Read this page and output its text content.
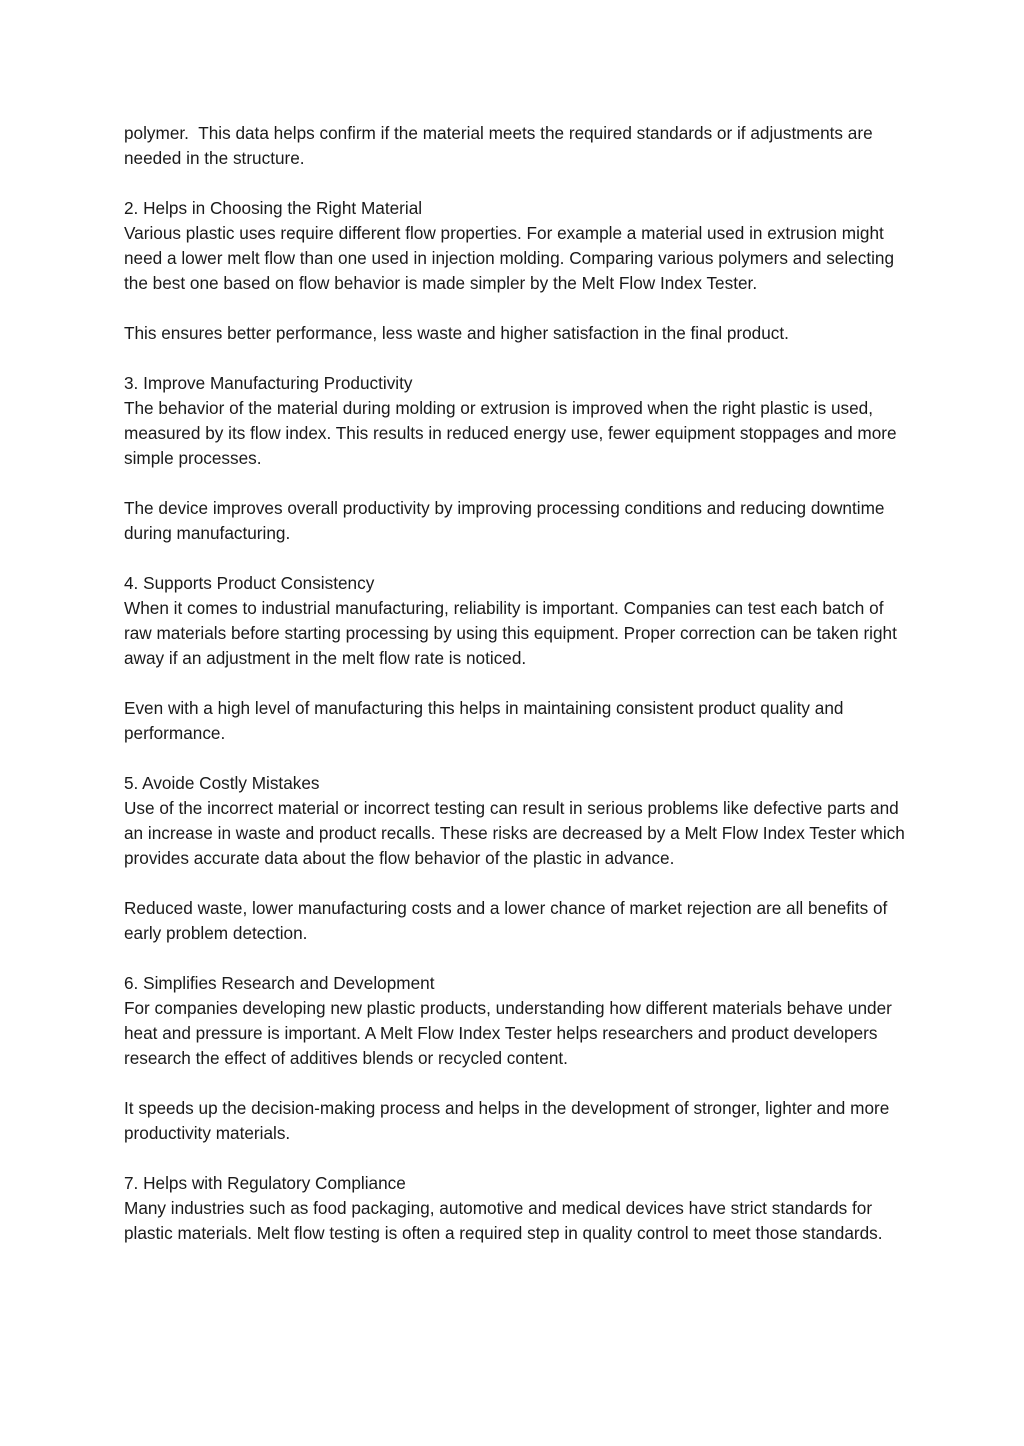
polymer.  This data helps confirm if the material meets the required standards or if adjustments are needed in the structure.

2. Helps in Choosing the Right Material

Various plastic uses require different flow properties. For example a material used in extrusion might need a lower melt flow than one used in injection molding. Comparing various polymers and selecting the best one based on flow behavior is made simpler by the Melt Flow Index Tester.

This ensures better performance, less waste and higher satisfaction in the final product.

3. Improve Manufacturing Productivity

The behavior of the material during molding or extrusion is improved when the right plastic is used, measured by its flow index. This results in reduced energy use, fewer equipment stoppages and more simple processes.

The device improves overall productivity by improving processing conditions and reducing downtime during manufacturing.

4. Supports Product Consistency

When it comes to industrial manufacturing, reliability is important. Companies can test each batch of raw materials before starting processing by using this equipment. Proper correction can be taken right away if an adjustment in the melt flow rate is noticed.

Even with a high level of manufacturing this helps in maintaining consistent product quality and performance.

5. Avoide Costly Mistakes

Use of the incorrect material or incorrect testing can result in serious problems like defective parts and an increase in waste and product recalls. These risks are decreased by a Melt Flow Index Tester which provides accurate data about the flow behavior of the plastic in advance.

Reduced waste, lower manufacturing costs and a lower chance of market rejection are all benefits of early problem detection.

6. Simplifies Research and Development

For companies developing new plastic products, understanding how different materials behave under heat and pressure is important. A Melt Flow Index Tester helps researchers and product developers research the effect of additives blends or recycled content.

It speeds up the decision-making process and helps in the development of stronger, lighter and more productivity materials.

7. Helps with Regulatory Compliance

Many industries such as food packaging, automotive and medical devices have strict standards for plastic materials. Melt flow testing is often a required step in quality control to meet those standards.
